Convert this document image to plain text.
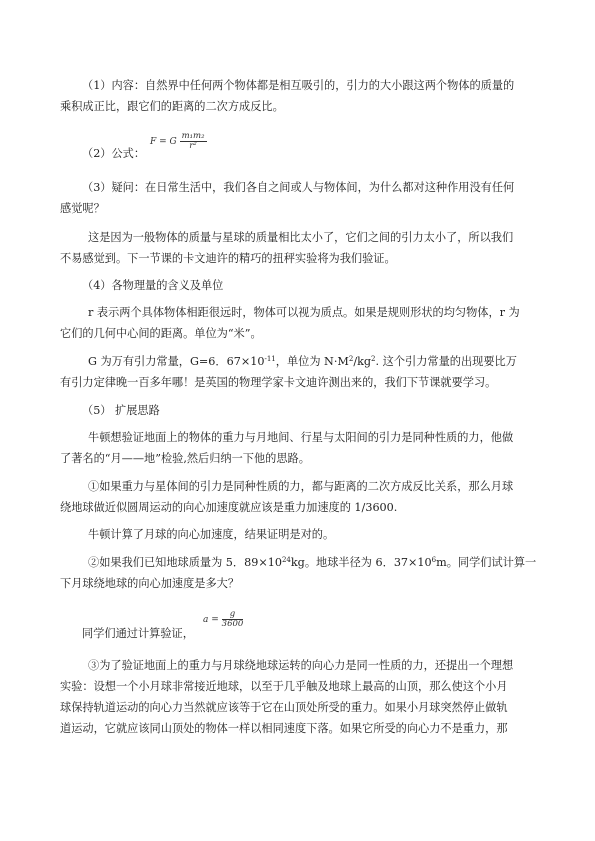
（1）内容：自然界中任何两个物体都是相互吸引的，引力的大小跟这两个物体的质量的
乘积成正比，跟它们的距离的二次方成反比。
（2）公式：
F = G $\frac{\text{m₁m₂}}{\text{r²}}$
（3）疑问：在日常生活中，我们各自之间或人与物体间，为什么都对这种作用没有任何
感觉呢？
这是因为一般物体的质量与星球的质量相比太小了，它们之间的引力太小了，所以我们
不易感觉到。下一节课的卡文迪许的精巧的扭秤实验将为我们验证。
（4）各物理量的含义及单位
r 表示两个具体物体相距很远时，物体可以视为质点。如果是规则形状的均匀物体，r 为
它们的几何中心间的距离。单位为“米”。
G 为万有引力常量，G=6．$67\times 10^{-11}$，单位为 $N\cdot M^2/kg^2$. 这个引力常量的出现要比万
有引力定律晚一百多年哪！是英国的物理学家卡文迪许测出来的，我们下节课就要学习。
（5） 扩展思路
牛顿想验证地面上的物体的重力与月地间、行星与太阳间的引力是同种性质的力，他做
了著名的“月——地”检验,然后归纳一下他的思路。
①如果重力与星体间的引力是同种性质的力，都与距离的二次方成反比关系，那么月球
绕地球做近似圆周运动的向心加速度就应该是重力加速度的 1/3600.
牛顿计算了月球的向心加速度，结果证明是对的。
②如果我们已知地球质量为 5．$89\times 10^{24}kg$。地球半径为 6．$37\times 10^6m$。同学们试计算一
下月球绕地球的向心加速度是多大？
同学们通过计算验证，
$a = \frac{g}{3600}$
③为了验证地面上的重力与月球绕地球运转的向心力是同一性质的力，还提出一个理想
实验：设想一个小月球非常接近地球，以至于几乎触及地球上最高的山顶，那么使这个小月
球保持轨道运动的向心力当然就应该等于它在山顶处所受的重力。如果小月球突然停止做轨
道运动，它就应该同山顶处的物体一样以相同速度下落。如果它所受的向心力不是重力，那
